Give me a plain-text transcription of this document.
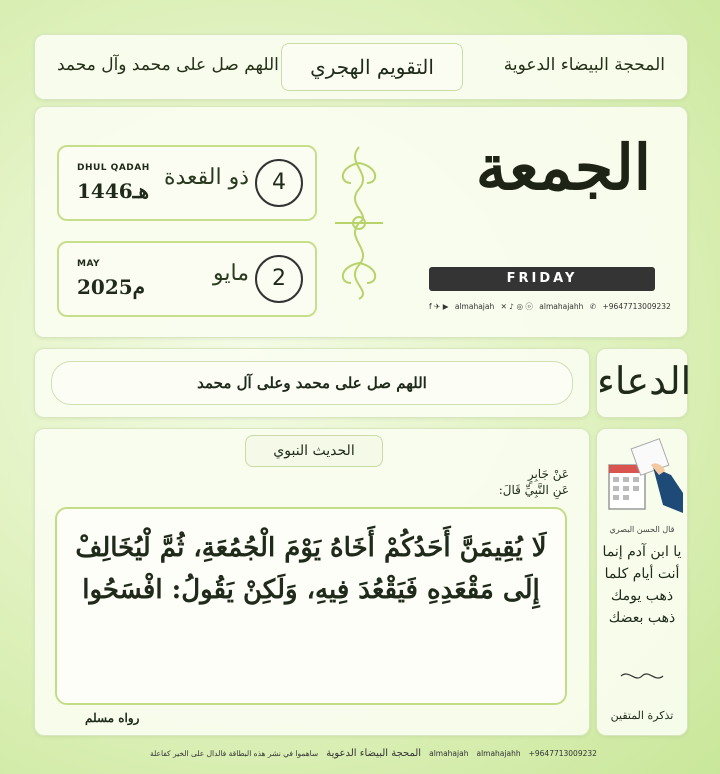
اللهم صل على محمد وآل محمد	التقويم الهجري	المحجة البيضاء الدعوية
4
ذو القعدة
DHUL QADAH
1446هـ
2
مايو
MAY
2025م
الجمعة
FRIDAY
f ✈ ▶ almahajah ✕ ♪ ◎ ⓞ almahajahh ✆ +9647713009232
اللهم صل على محمد وعلى آل محمد	الدعاء
الحديث النبوي
عَنْ جَابِرٍ
عَنِ النَّبِيِّ قَالَ:
لَا يُقِيمَنَّ أَحَدُكُمْ أَخَاهُ يَوْمَ الْجُمُعَةِ، ثُمَّ لْيُخَالِفْ إِلَى مَقْعَدِهِ فَيَقْعُدَ فِيهِ، وَلَكِنْ يَقُولُ: افْسَحُوا
رواه مسلم
قال الحسن البصري
يا ابن آدم إنما أنت أيام كلما ذهب يومك ذهب بعضك
تذكرة المتقين
ساهموا في نشر هذه البطاقة فالدال على الخير كفاعلة المحجة البيضاء الدعوية almahajah almahajahh +9647713009232
